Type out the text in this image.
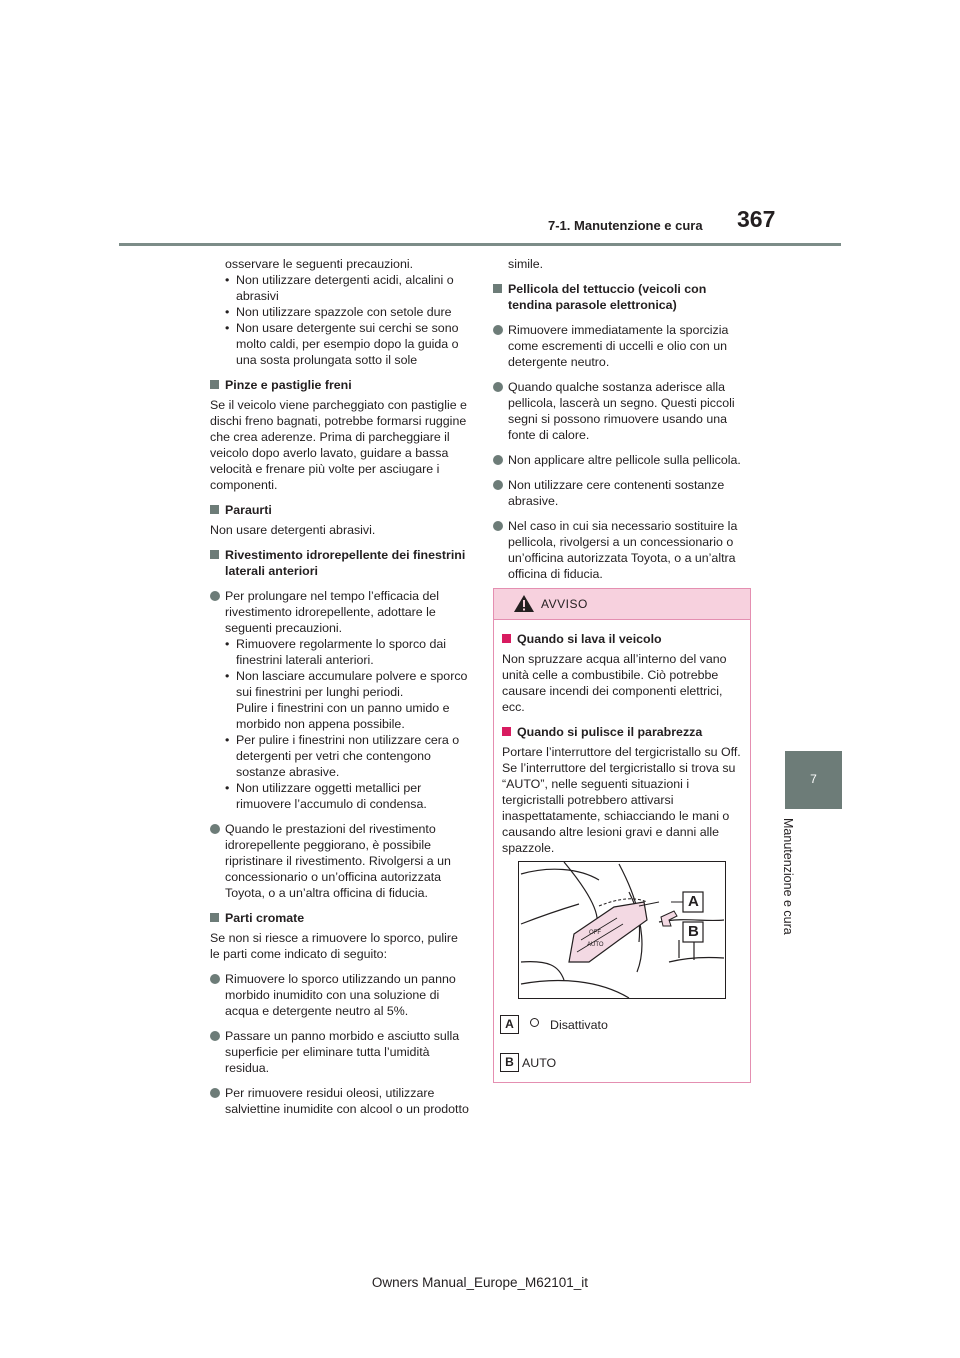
7-1. Manutenzione e cura 367
7
Manutenzione e cura

osservare le seguenti precauzioni.

• Non utilizzare detergenti acidi, alcalini o abrasivi

• Non utilizzare spazzole con setole dure

• Non usare detergente sui cerchi se sono molto caldi, per esempio dopo la guida o una sosta prolungata sotto il sole

Pinze e pastiglie freni

Se il veicolo viene parcheggiato con pastiglie e dischi freno bagnati, potrebbe formarsi ruggine che crea aderenze. Prima di parcheggiare il veicolo dopo averlo lavato, guidare a bassa velocità e frenare più volte per asciugare i componenti.

Paraurti

Non usare detergenti abrasivi.

Rivestimento idrorepellente dei finestrini laterali anteriori

Per prolungare nel tempo l’efficacia del rivestimento idrorepellente, adottare le seguenti precauzioni.

• Rimuovere regolarmente lo sporco dai finestrini laterali anteriori.

• Non lasciare accumulare polvere e sporco sui finestrini per lunghi periodi.

Pulire i finestrini con un panno umido e morbido non appena possibile.

• Per pulire i finestrini non utilizzare cera o detergenti per vetri che contengono sostanze abrasive.

• Non utilizzare oggetti metallici per rimuovere l’accumulo di condensa.

Quando le prestazioni del rivestimento idrorepellente peggiorano, è possibile ripristinare il rivestimento. Rivolgersi a un concessionario o un’officina autorizzata Toyota, o a un’altra officina di fiducia.

Parti cromate

Se non si riesce a rimuovere lo sporco, pulire le parti come indicato di seguito:

Rimuovere lo sporco utilizzando un panno morbido inumidito con una soluzione di acqua e detergente neutro al 5%.

Passare un panno morbido e asciutto sulla superficie per eliminare tutta l’umidità residua.

Per rimuovere residui oleosi, utilizzare salviettine inumidite con alcool o un prodotto

simile.

Pellicola del tettuccio (veicoli con tendina parasole elettronica)

Rimuovere immediatamente la sporcizia come escrementi di uccelli e olio con un detergente neutro.

Quando qualche sostanza aderisce alla pellicola, lascerà un segno. Questi piccoli segni si possono rimuovere usando una fonte di calore.

Non applicare altre pellicole sulla pellicola.

Non utilizzare cere contenenti sostanze abrasive.

Nel caso in cui sia necessario sostituire la pellicola, rivolgersi a un concessionario o un’officina autorizzata Toyota, o a un’altra officina di fiducia.

AVVISO

Quando si lava il veicolo

Non spruzzare acqua all’interno del vano unità celle a combustibile. Ciò potrebbe causare incendi dei componenti elettrici, ecc.

Quando si pulisce il parabrezza

Portare l’interruttore del tergicristallo su Off.

Se l’interruttore del tergicristallo si trova su “AUTO”, nelle seguenti situazioni i tergicristalli potrebbero attivarsi inaspettatamente, schiacciando le mani o causando altre lesioni gravi e danni alle spazzole.

OFF
AUTO
A
B
A	Disattivato
B AUTO
Owners Manual_Europe_M62101_it
